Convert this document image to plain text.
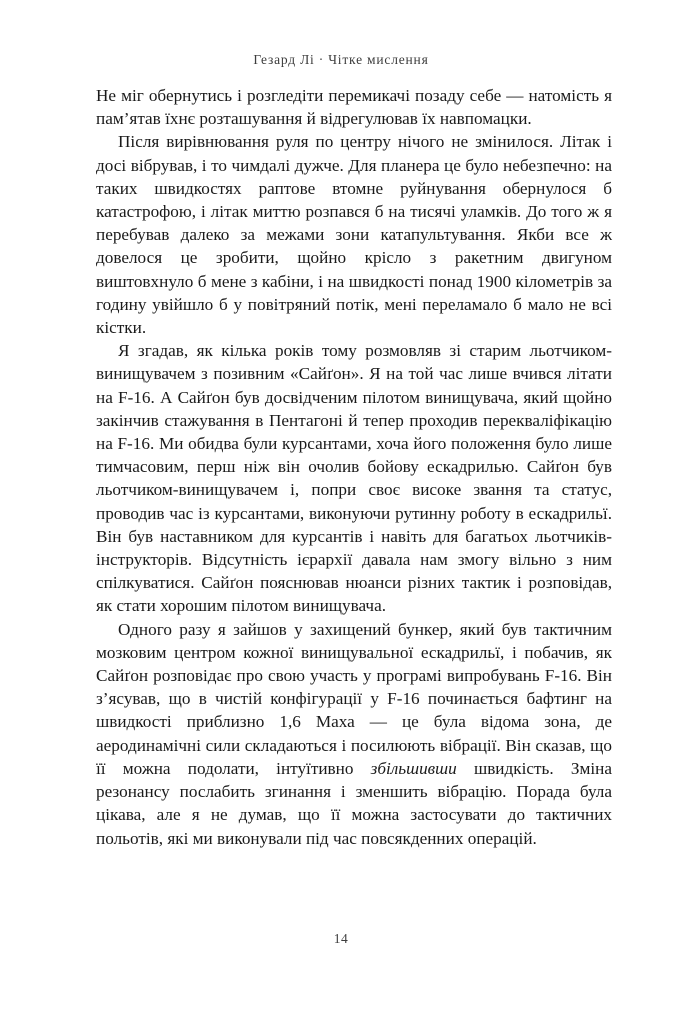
Гезард Лі · Чітке мислення

Не міг обернутись і розгледіти перемикачі позаду себе — натомість я пам’ятав їхнє розташування й відрегулював їх навпомацки.

Після вирівнювання руля по центру нічого не змінилося. Літак і досі вібрував, і то чимдалі дужче. Для планера це було небезпечно: на таких швидкостях раптове втомне руйнування обернулося б катастрофою, і літак миттю розпався б на тисячі уламків. До того ж я перебував далеко за межами зони катапультування. Якби все ж довелося це зробити, щойно крісло з ракетним двигуном виштовхнуло б мене з кабіни, і на швидкості понад 1900 кілометрів за годину увійшло б у повітряний потік, мені переламало б мало не всі кістки.

Я згадав, як кілька років тому розмовляв зі старим льотчиком-винищувачем з позивним «Сайґон». Я на той час лише вчився літати на F-16. А Сайґон був досвідченим пілотом винищувача, який щойно закінчив стажування в Пентагоні й тепер проходив перекваліфікацію на F-16. Ми обидва були курсантами, хоча його положення було лише тимчасовим, перш ніж він очолив бойову ескадрилью. Сайґон був льотчиком-винищувачем і, попри своє високе звання та статус, проводив час із курсантами, виконуючи рутинну роботу в ескадрильї. Він був наставником для курсантів і навіть для багатьох льотчиків-інструкторів. Відсутність ієрархії давала нам змогу вільно з ним спілкуватися. Сайґон пояснював нюанси різних тактик і розповідав, як стати хорошим пілотом винищувача.

Одного разу я зайшов у захищений бункер, який був тактичним мозковим центром кожної винищувальної ескадрильї, і побачив, як Сайґон розповідає про свою участь у програмі випробувань F-16. Він з’ясував, що в чистій конфігурації у F-16 починається бафтинг на швидкості приблизно 1,6 Маха — це була відома зона, де аеродинамічні сили складаються і посилюють вібрації. Він сказав, що її можна подолати, інтуїтивно збільшивши швидкість. Зміна резонансу послабить згинання і зменшить вібрацію. Порада була цікава, але я не думав, що її можна застосувати до тактичних польотів, які ми виконували під час повсякденних операцій.

14
